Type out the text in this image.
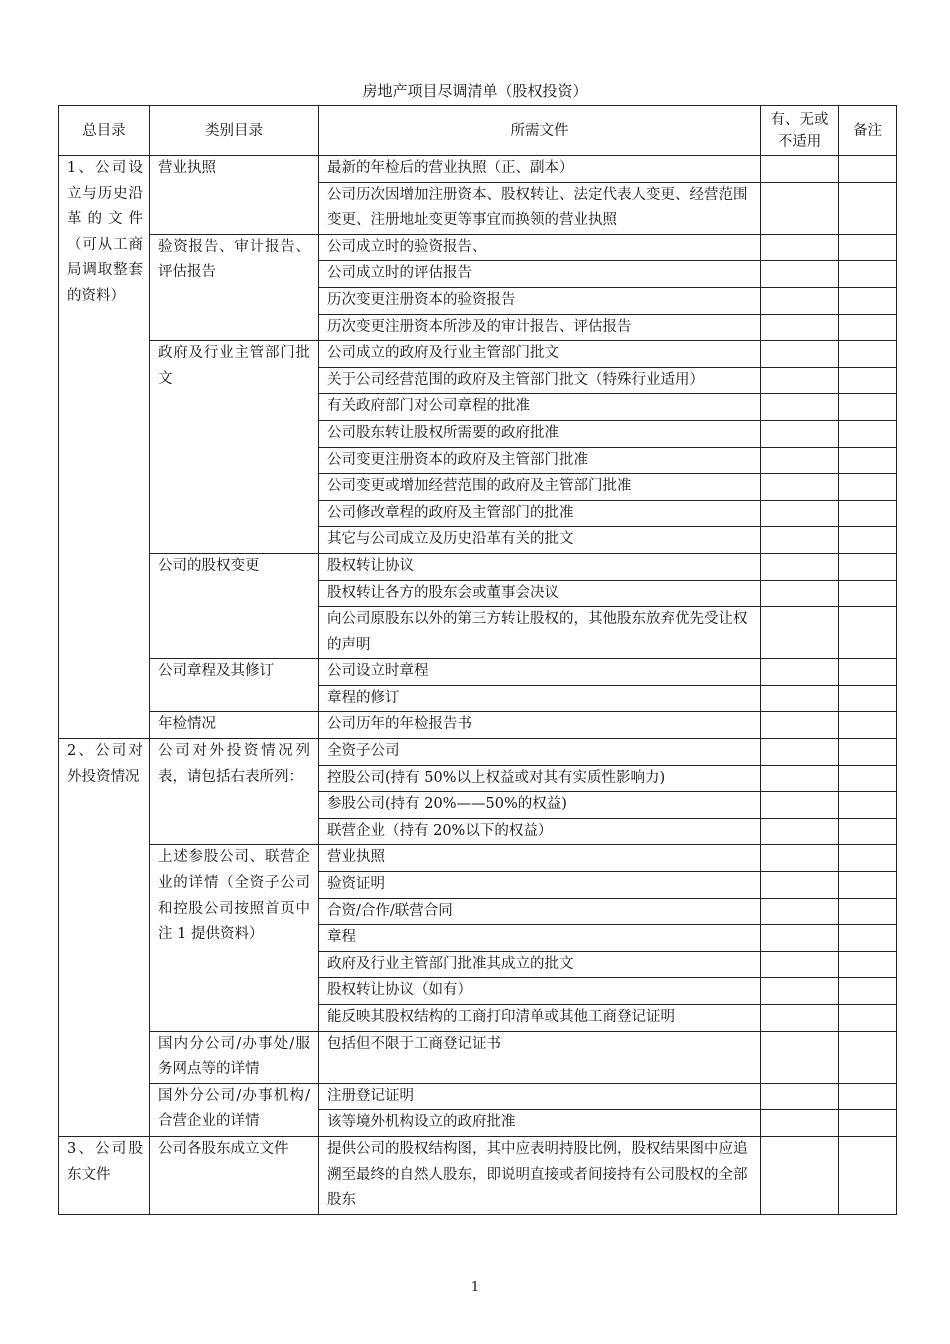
房地产项目尽调清单（股权投资）
总目录	类别目录	所需文件	有、无或不适用	备注
1、公司设立与历史沿革的文件（可从工商局调取整套的资料）	营业执照	最新的年检后的营业执照（正、副本）		
		公司历次因增加注册资本、股权转让、法定代表人变更、经营范围变更、注册地址变更等事宜而换领的营业执照		
	验资报告、审计报告、评估报告	公司成立时的验资报告、		
		公司成立时的评估报告		
		历次变更注册资本的验资报告		
		历次变更注册资本所涉及的审计报告、评估报告		
	政府及行业主管部门批文	公司成立的政府及行业主管部门批文		
		关于公司经营范围的政府及主管部门批文（特殊行业适用）		
		有关政府部门对公司章程的批准		
		公司股东转让股权所需要的政府批准		
		公司变更注册资本的政府及主管部门批准		
		公司变更或增加经营范围的政府及主管部门批准		
		公司修改章程的政府及主管部门的批准		
		其它与公司成立及历史沿革有关的批文		
	公司的股权变更	股权转让协议		
		股权转让各方的股东会或董事会决议		
		向公司原股东以外的第三方转让股权的，其他股东放弃优先受让权的声明		
	公司章程及其修订	公司设立时章程		
		章程的修订		
	年检情况	公司历年的年检报告书		
2、公司对外投资情况	公司对外投资情况列表，请包括右表所列：	全资子公司		
		控股公司(持有 50%以上权益或对其有实质性影响力)		
		参股公司(持有 20%——50%的权益)		
		联营企业（持有 20%以下的权益）		
	上述参股公司、联营企业的详情（全资子公司和控股公司按照首页中注 1 提供资料）	营业执照		
		验资证明		
		合资/合作/联营合同		
		章程		
		政府及行业主管部门批准其成立的批文		
		股权转让协议（如有）		
		能反映其股权结构的工商打印清单或其他工商登记证明		
	国内分公司/办事处/服务网点等的详情	包括但不限于工商登记证书		
	国外分公司/办事机构/合营企业的详情	注册登记证明		
		该等境外机构设立的政府批准		
3、公司股东文件	公司各股东成立文件	提供公司的股权结构图，其中应表明持股比例，股权结果图中应追溯至最终的自然人股东，即说明直接或者间接持有公司股权的全部股东		
1
